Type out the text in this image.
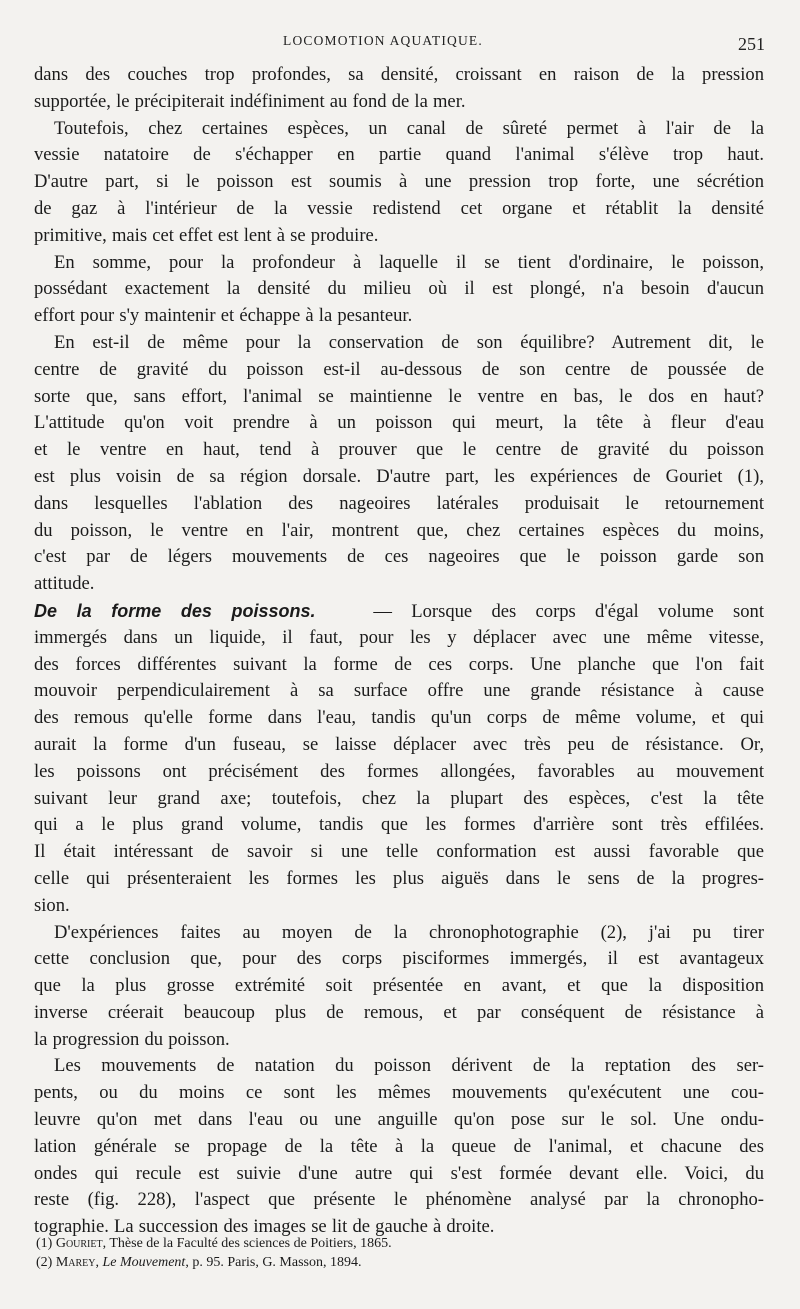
LOCOMOTION AQUATIQUE.	251
dans des couches trop profondes, sa densité, croissant en raison de la pression
supportée, le précipiterait indéfiniment au fond de la mer.
Toutefois, chez certaines espèces, un canal de sûreté permet à l'air de la
vessie natatoire de s'échapper en partie quand l'animal s'élève trop haut.
D'autre part, si le poisson est soumis à une pression trop forte, une sécrétion
de gaz à l'intérieur de la vessie redistend cet organe et rétablit la densité
primitive, mais cet effet est lent à se produire.
En somme, pour la profondeur à laquelle il se tient d'ordinaire, le poisson,
possédant exactement la densité du milieu où il est plongé, n'a besoin d'aucun
effort pour s'y maintenir et échappe à la pesanteur.
En est-il de même pour la conservation de son équilibre? Autrement dit, le
centre de gravité du poisson est-il au-dessous de son centre de poussée de
sorte que, sans effort, l'animal se maintienne le ventre en bas, le dos en haut?
L'attitude qu'on voit prendre à un poisson qui meurt, la tête à fleur d'eau
et le ventre en haut, tend à prouver que le centre de gravité du poisson
est plus voisin de sa région dorsale. D'autre part, les expériences de Gouriet (1),
dans lesquelles l'ablation des nageoires latérales produisait le retournement
du poisson, le ventre en l'air, montrent que, chez certaines espèces du moins,
c'est par de légers mouvements de ces nageoires que le poisson garde son
attitude.
De la forme des poissons.	— Lorsque des corps d'égal volume sont
immergés dans un liquide, il faut, pour les y déplacer avec une même vitesse,
des forces différentes suivant la forme de ces corps. Une planche que l'on fait
mouvoir perpendiculairement à sa surface offre une grande résistance à cause
des remous qu'elle forme dans l'eau, tandis qu'un corps de même volume, et qui
aurait la forme d'un fuseau, se laisse déplacer avec très peu de résistance. Or,
les poissons ont précisément des formes allongées, favorables au mouvement
suivant leur grand axe; toutefois, chez la plupart des espèces, c'est la tête
qui a le plus grand volume, tandis que les formes d'arrière sont très effilées.
Il était intéressant de savoir si une telle conformation est aussi favorable que
celle qui présenteraient les formes les plus aiguës dans le sens de la progres-
sion.
D'expériences faites au moyen de la chronophotographie (2), j'ai pu tirer
cette conclusion que, pour des corps pisciformes immergés, il est avantageux
que la plus grosse extrémité soit présentée en avant, et que la disposition
inverse créerait beaucoup plus de remous, et par conséquent de résistance à
la progression du poisson.
Les mouvements de natation du poisson dérivent de la reptation des ser-
pents, ou du moins ce sont les mêmes mouvements qu'exécutent une cou-
leuvre qu'on met dans l'eau ou une anguille qu'on pose sur le sol. Une ondu-
lation générale se propage de la tête à la queue de l'animal, et chacune des
ondes qui recule est suivie d'une autre qui s'est formée devant elle. Voici, du
reste (fig. 228), l'aspect que présente le phénomène analysé par la chronopho-
tographie. La succession des images se lit de gauche à droite.
(1) Gouriet, Thèse de la Faculté des sciences de Poitiers, 1865.
(2) Marey, Le Mouvement, p. 95. Paris, G. Masson, 1894.
